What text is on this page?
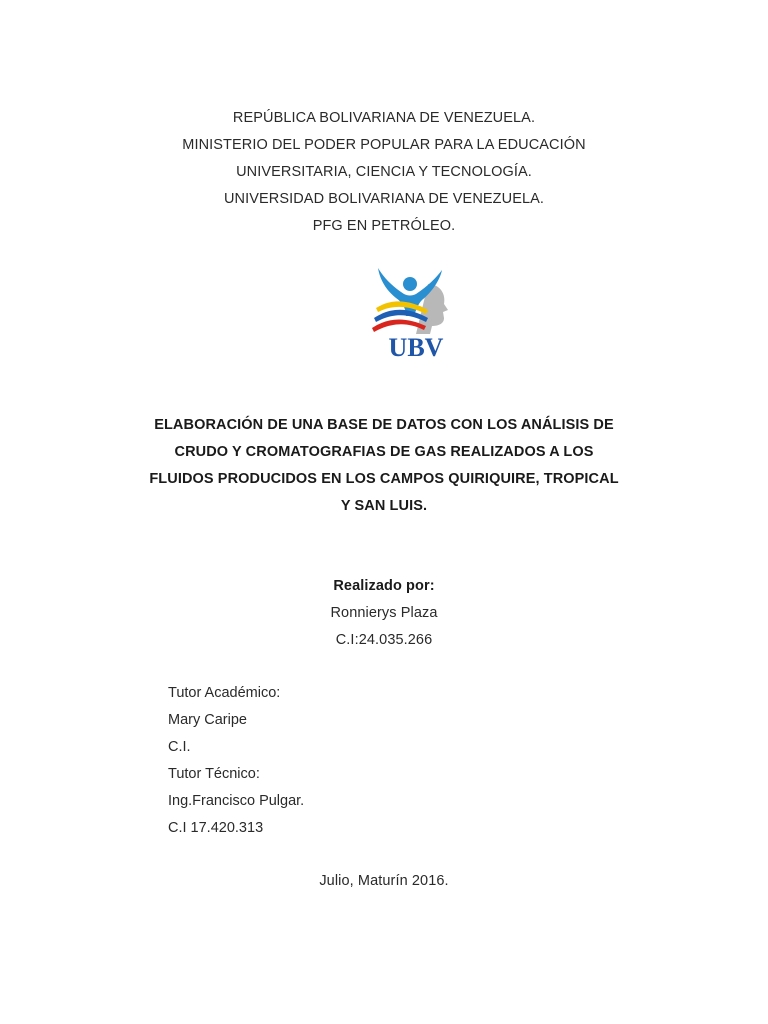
REPÚBLICA BOLIVARIANA DE VENEZUELA.
MINISTERIO DEL PODER POPULAR PARA LA EDUCACIÓN
UNIVERSITARIA, CIENCIA Y TECNOLOGÍA.
UNIVERSIDAD BOLIVARIANA DE VENEZUELA.
PFG EN PETRÓLEO.
UBV
ELABORACIÓN DE UNA BASE DE DATOS CON LOS ANÁLISIS DE
CRUDO Y CROMATOGRAFIAS DE GAS REALIZADOS A LOS
FLUIDOS PRODUCIDOS EN LOS CAMPOS QUIRIQUIRE, TROPICAL
Y SAN LUIS.
Realizado por:
Ronnierys Plaza
C.I:24.035.266
Tutor Académico:
Mary Caripe
C.I.
Tutor Técnico:
Ing.Francisco Pulgar.
C.I 17.420.313
Julio, Maturín 2016.
